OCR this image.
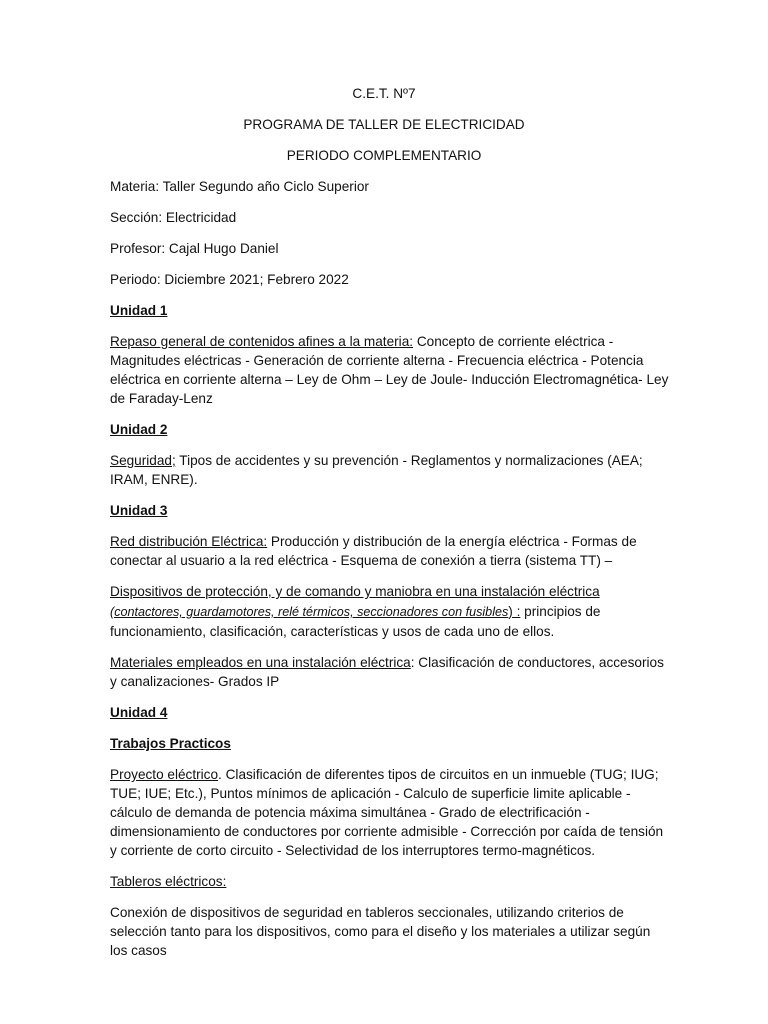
C.E.T. Nº7

PROGRAMA DE TALLER DE ELECTRICIDAD

PERIODO COMPLEMENTARIO

Materia: Taller Segundo año Ciclo Superior

Sección: Electricidad

Profesor: Cajal Hugo Daniel

Periodo: Diciembre 2021; Febrero 2022

Unidad 1

Repaso general de contenidos afines a la materia: Concepto de corriente eléctrica - Magnitudes eléctricas - Generación de corriente alterna - Frecuencia eléctrica - Potencia eléctrica en corriente alterna – Ley de Ohm – Ley de Joule- Inducción Electromagnética- Ley de Faraday-Lenz

Unidad 2

Seguridad; Tipos de accidentes y su prevención - Reglamentos y normalizaciones (AEA; IRAM, ENRE).

Unidad 3

Red distribución Eléctrica: Producción y distribución de la energía eléctrica - Formas de conectar al usuario a la red eléctrica - Esquema de conexión a tierra (sistema TT) –

Dispositivos de protección, y de comando y maniobra en una instalación eléctrica (contactores, guardamotores, relé térmicos, seccionadores con fusibles) : principios de funcionamiento, clasificación, características y usos de cada uno de ellos.

Materiales empleados en una instalación eléctrica: Clasificación de conductores, accesorios y canalizaciones- Grados IP

Unidad 4

Trabajos Practicos

Proyecto eléctrico. Clasificación de diferentes tipos de circuitos en un inmueble (TUG; IUG; TUE; IUE; Etc.), Puntos mínimos de aplicación - Calculo de superficie limite aplicable - cálculo de demanda de potencia máxima simultánea - Grado de electrificación - dimensionamiento de conductores por corriente admisible - Corrección por caída de tensión y corriente de corto circuito - Selectividad de los interruptores termo-magnéticos.

Tableros eléctricos:

Conexión de dispositivos de seguridad en tableros seccionales, utilizando criterios de selección tanto para los dispositivos, como para el diseño y los materiales a utilizar según los casos
